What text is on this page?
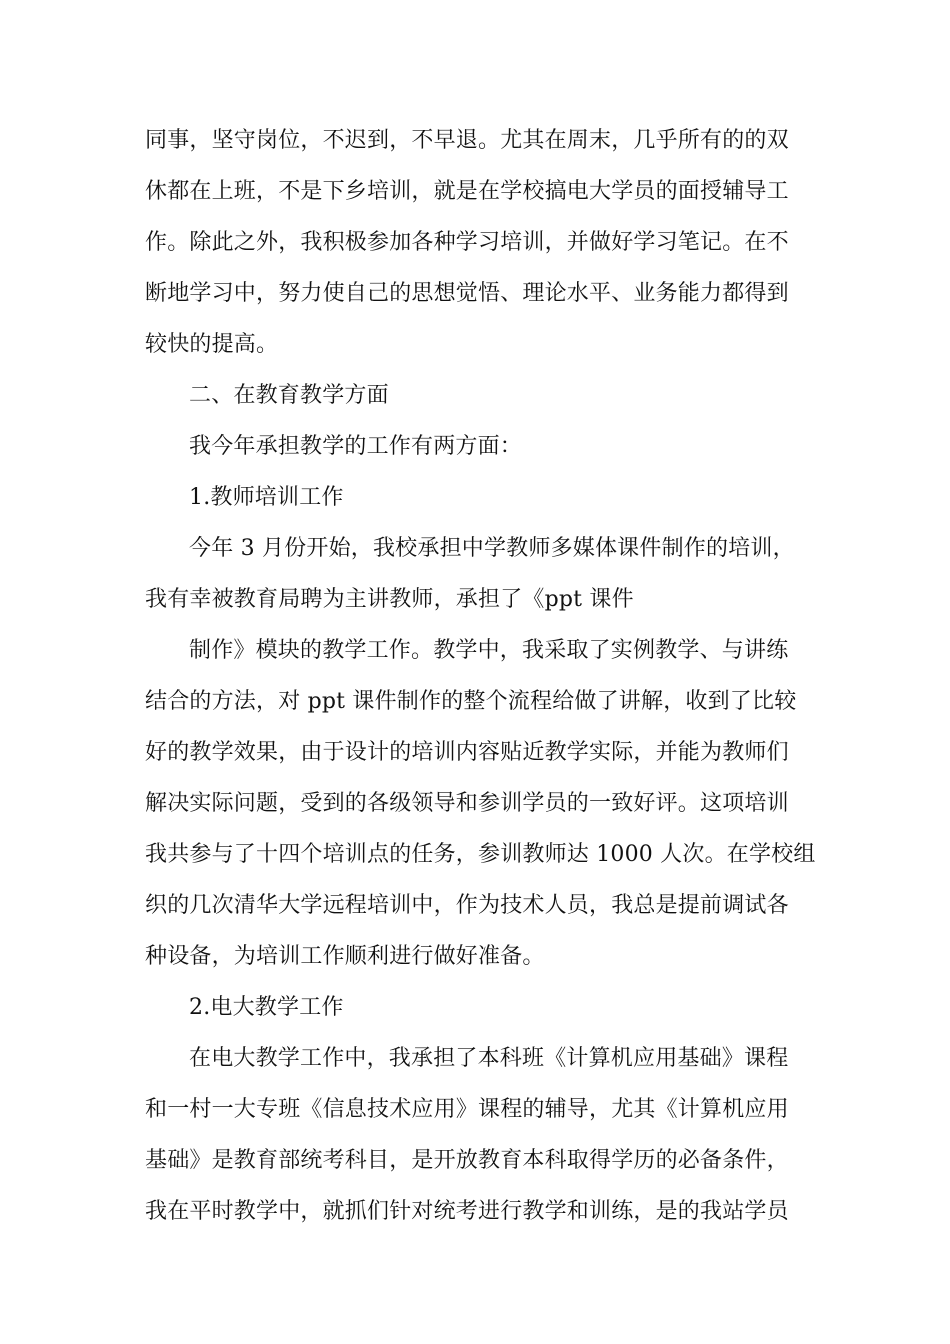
同事，坚守岗位，不迟到，不早退。尤其在周末，几乎所有的的双
休都在上班，不是下乡培训，就是在学校搞电大学员的面授辅导工
作。除此之外，我积极参加各种学习培训，并做好学习笔记。在不
断地学习中，努力使自己的思想觉悟、理论水平、业务能力都得到
较快的提高。
二、在教育教学方面
我今年承担教学的工作有两方面：
1.教师培训工作
今年 3 月份开始，我校承担中学教师多媒体课件制作的培训，
我有幸被教育局聘为主讲教师，承担了《ppt 课件
制作》模块的教学工作。教学中，我采取了实例教学、与讲练
结合的方法，对 ppt 课件制作的整个流程给做了讲解，收到了比较
好的教学效果，由于设计的培训内容贴近教学实际，并能为教师们
解决实际问题，受到的各级领导和参训学员的一致好评。这项培训
我共参与了十四个培训点的任务，参训教师达 1000 人次。在学校组
织的几次清华大学远程培训中，作为技术人员，我总是提前调试各
种设备，为培训工作顺利进行做好准备。
2.电大教学工作
在电大教学工作中，我承担了本科班《计算机应用基础》课程
和一村一大专班《信息技术应用》课程的辅导，尤其《计算机应用
基础》是教育部统考科目，是开放教育本科取得学历的必备条件，
我在平时教学中，就抓们针对统考进行教学和训练，是的我站学员
